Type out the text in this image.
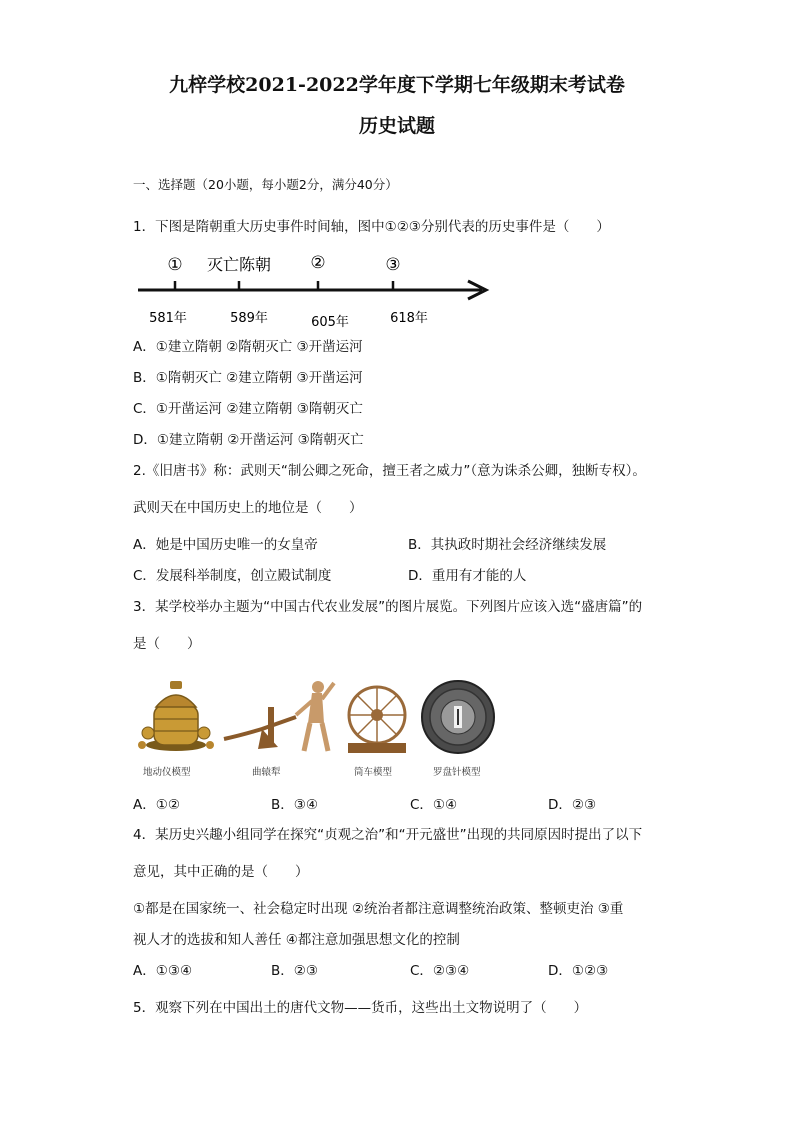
九梓学校2021-2022学年度下学期七年级期末考试卷
历史试题
一、选择题（20小题，每小题2分，满分40分）
1．下图是隋朝重大历史事件时间轴，图中①②③分别代表的历史事件是（　　）
① 灭亡陈朝 ②	③
581年	589年	605年	618年
A．①建立隋朝 ②隋朝灭亡 ③开凿运河
B．①隋朝灭亡 ②建立隋朝 ③开凿运河
C．①开凿运河 ②建立隋朝 ③隋朝灭亡
D．①建立隋朝 ②开凿运河 ③隋朝灭亡
2.《旧唐书》称：武则天“制公卿之死命，擅王者之威力”（意为诛杀公卿，独断专权）。
武则天在中国历史上的地位是（　　）
A．她是中国历史唯一的女皇帝	B．其执政时期社会经济继续发展
C．发展科举制度，创立殿试制度	D．重用有才能的人
3．某学校举办主题为“中国古代农业发展”的图片展览。下列图片应该入选“盛唐篇”的
是（　　）
地动仪模型	曲辕犁	筒车模型	罗盘针模型
A．①②	B．③④	C．①④	D．②③
4．某历史兴趣小组同学在探究“贞观之治”和“开元盛世”出现的共同原因时提出了以下
意见，其中正确的是（　　）
①都是在国家统一、社会稳定时出现 ②统治者都注意调整统治政策、整顿吏治 ③重
视人才的选拔和知人善任 ④都注意加强思想文化的控制
A．①③④	B．②③	C．②③④	D．①②③
5．观察下列在中国出土的唐代文物——货币，这些出土文物说明了（　　）
